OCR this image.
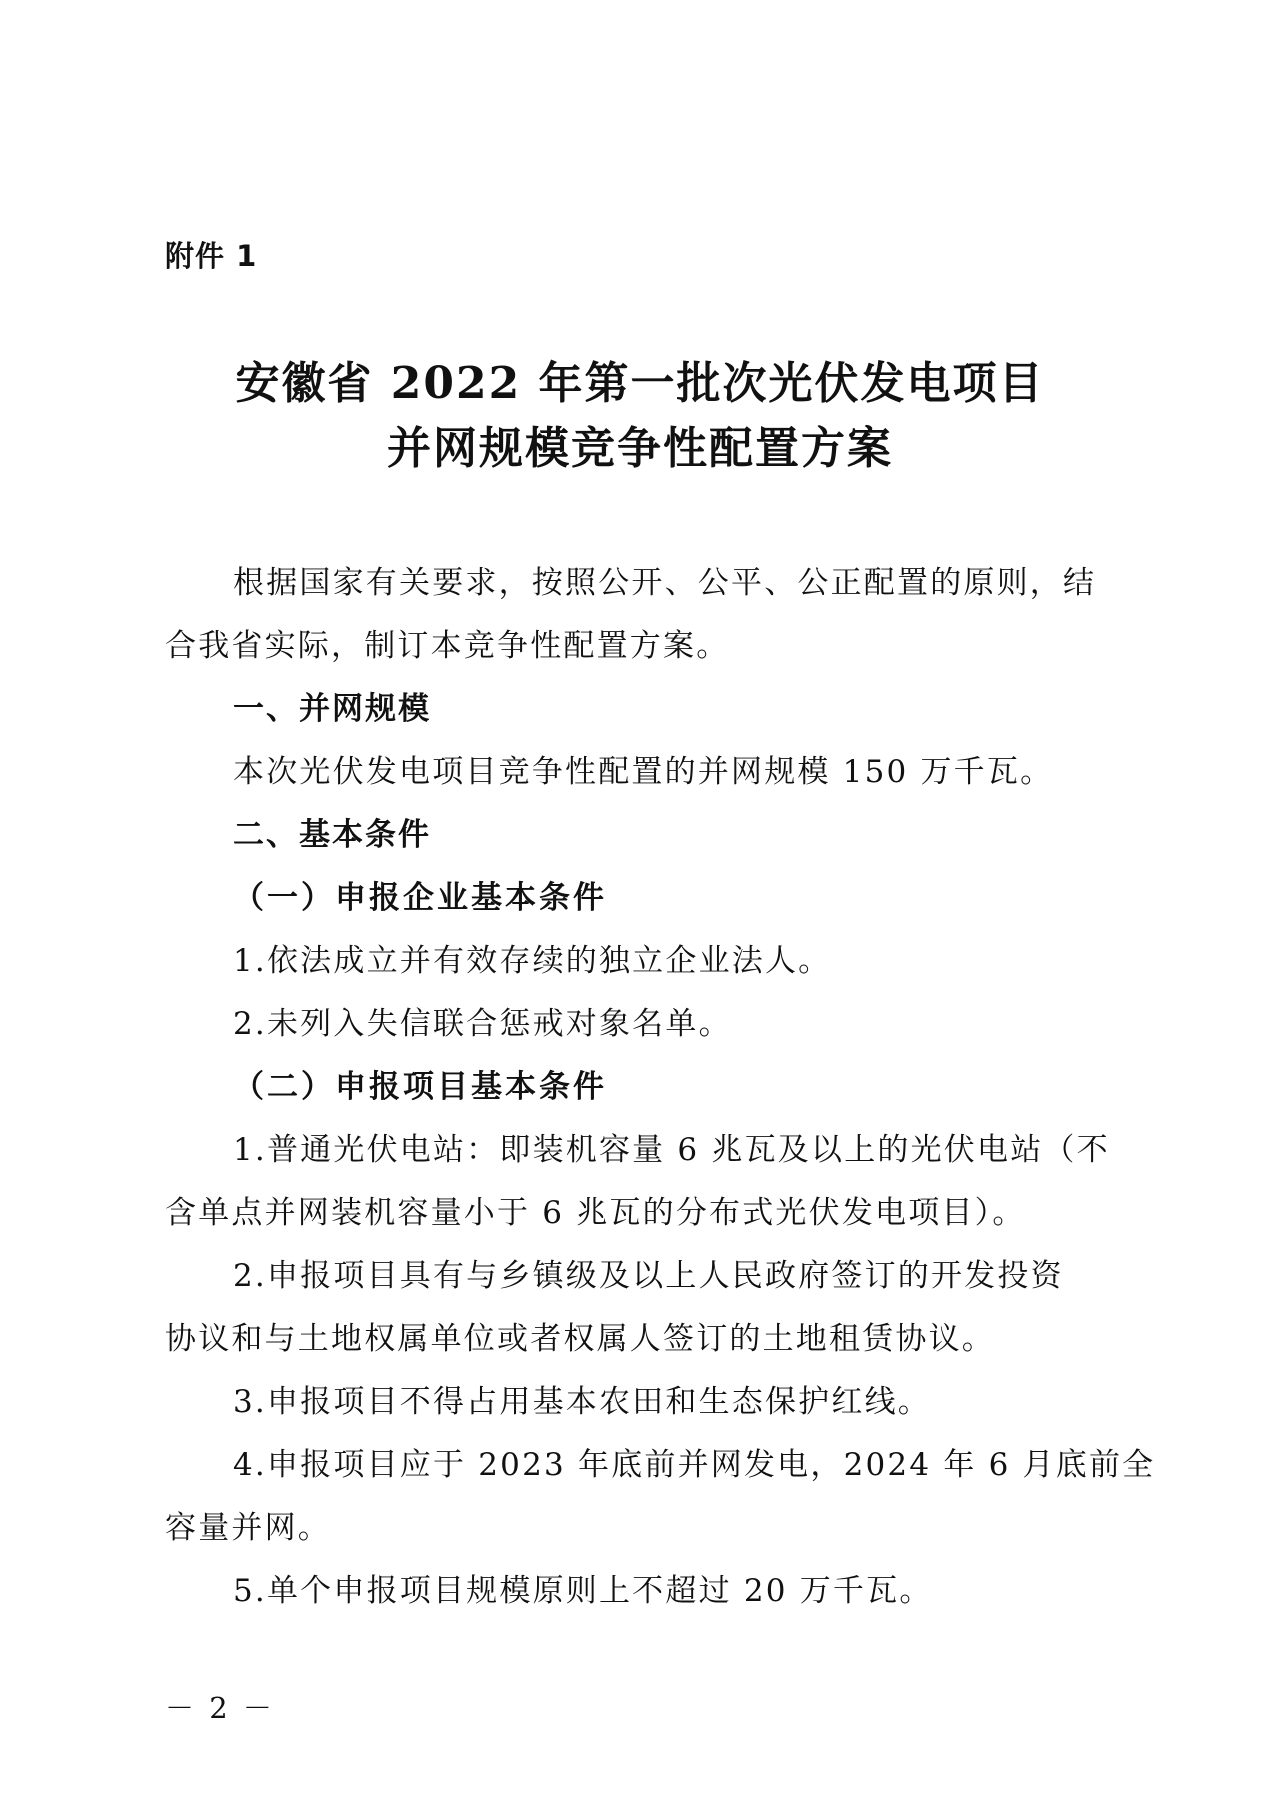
附件 1
安徽省 2022 年第一批次光伏发电项目
并网规模竞争性配置方案
根据国家有关要求，按照公开、公平、公正配置的原则，结
合我省实际，制订本竞争性配置方案。
一、并网规模
本次光伏发电项目竞争性配置的并网规模 150 万千瓦。
二、基本条件
（一）申报企业基本条件
1.依法成立并有效存续的独立企业法人。
2.未列入失信联合惩戒对象名单。
（二）申报项目基本条件
1.普通光伏电站：即装机容量 6 兆瓦及以上的光伏电站（不
含单点并网装机容量小于 6 兆瓦的分布式光伏发电项目）。
2.申报项目具有与乡镇级及以上人民政府签订的开发投资
协议和与土地权属单位或者权属人签订的土地租赁协议。
3.申报项目不得占用基本农田和生态保护红线。
4.申报项目应于 2023 年底前并网发电，2024 年 6 月底前全
容量并网。
5.单个申报项目规模原则上不超过 20 万千瓦。
－ 2 －
